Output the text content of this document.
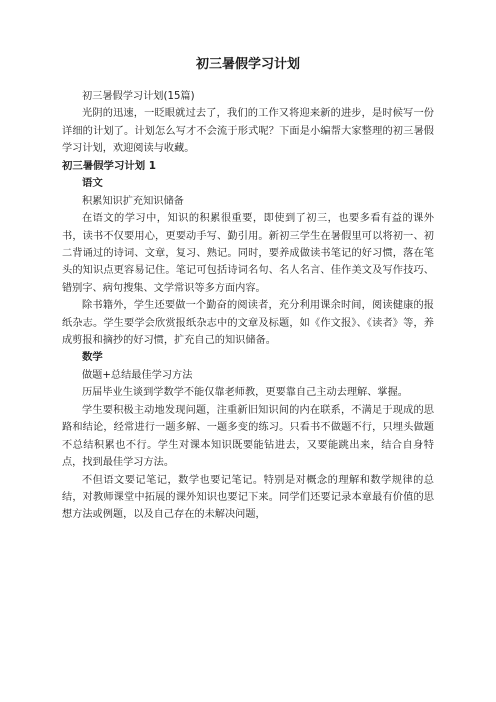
初三暑假学习计划

初三暑假学习计划(15篇)

光阴的迅速，一眨眼就过去了，我们的工作又将迎来新的进步，是时候写一份详细的计划了。计划怎么写才不会流于形式呢？下面是小编帮大家整理的初三暑假学习计划，欢迎阅读与收藏。

初三暑假学习计划 1
语文

积累知识扩充知识储备

在语文的学习中，知识的积累很重要，即使到了初三，也要多看有益的课外书，读书不仅要用心，更要动手写、勤引用。新初三学生在暑假里可以将初一、初二背诵过的诗词、文章，复习、熟记。同时，要养成做读书笔记的好习惯，落在笔头的知识点更容易记住。笔记可包括诗词名句、名人名言、佳作美文及写作技巧、错别字、病句搜集、文学常识等多方面内容。

除书籍外，学生还要做一个勤奋的阅读者，充分利用课余时间，阅读健康的报纸杂志。学生要学会欣赏报纸杂志中的文章及标题，如《作文报》、《读者》等，养成剪报和摘抄的好习惯，扩充自己的知识储备。

数学

做题+总结最佳学习方法

历届毕业生谈到学数学不能仅靠老师教，更要靠自己主动去理解、掌握。

学生要积极主动地发现问题，注重新旧知识间的内在联系，不满足于现成的思路和结论，经常进行一题多解、一题多变的练习。只看书不做题不行，只埋头做题不总结积累也不行。学生对课本知识既要能钻进去，又要能跳出来，结合自身特点，找到最佳学习方法。

不但语文要记笔记，数学也要记笔记。特别是对概念的理解和数学规律的总结，对教师课堂中拓展的课外知识也要记下来。同学们还要记录本章最有价值的思想方法或例题，以及自己存在的未解决问题，
